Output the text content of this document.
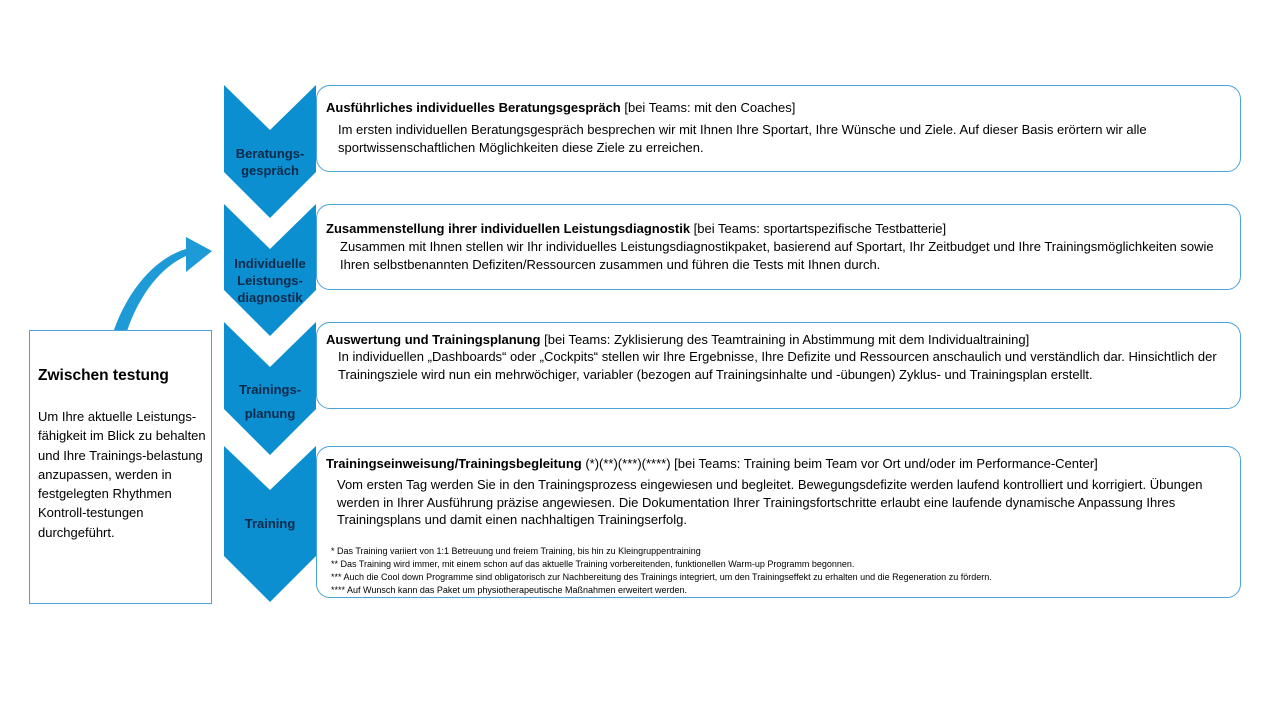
Ausführliches individuelles Beratungsgespräch [bei Teams: mit den Coaches]
Im ersten individuellen Beratungsgespräch besprechen wir mit Ihnen Ihre Sportart, Ihre Wünsche und Ziele. Auf dieser Basis erörtern wir alle sportwissenschaftlichen Möglichkeiten diese Ziele zu erreichen.
Beratungs-
gespräch
Zusammenstellung ihrer individuellen Leistungsdiagnostik [bei Teams: sportartspezifische Testbatterie]
Zusammen mit Ihnen stellen wir Ihr individuelles Leistungsdiagnostikpaket, basierend auf Sportart, Ihr Zeitbudget und Ihre Trainingsmöglichkeiten sowie Ihren selbstbenannten Defiziten/Ressourcen zusammen und führen die Tests mit Ihnen durch.
Individuelle
Leistungs-
diagnostik
Auswertung und Trainingsplanung [bei Teams: Zyklisierung des Teamtraining in Abstimmung mit dem Individualtraining]
In individuellen „Dashboards“ oder „Cockpits“ stellen wir Ihre Ergebnisse, Ihre Defizite und Ressourcen anschaulich und verständlich dar. Hinsichtlich der Trainingsziele wird nun ein mehrwöchiger, variabler (bezogen auf Trainingsinhalte und -übungen) Zyklus- und Trainingsplan erstellt.
Trainings-
planung
Trainingseinweisung/Trainingsbegleitung (*)(**)(***)(****) [bei Teams: Training beim Team vor Ort und/oder im Performance-Center]
Vom ersten Tag werden Sie in den Trainingsprozess eingewiesen und begleitet. Bewegungsdefizite werden laufend kontrolliert und korrigiert. Übungen werden in Ihrer Ausführung präzise angewiesen. Die Dokumentation Ihrer Trainingsfortschritte erlaubt eine laufende dynamische Anpassung Ihres Trainingsplans und damit einen nachhaltigen Trainingserfolg.
Training
* Das Training variiert von 1:1 Betreuung und freiem Training, bis hin zu Kleingruppentraining
** Das Training wird immer, mit einem schon auf das aktuelle Training vorbereitenden, funktionellen Warm-up Programm begonnen.
*** Auch die Cool down Programme sind obligatorisch zur Nachbereitung des Trainings integriert, um den Trainingseffekt zu erhalten und die Regeneration zu fördern.
**** Auf Wunsch kann das Paket um physiotherapeutische Maßnahmen erweitert werden.
Zwischen testung
Um Ihre aktuelle Leistungs-fähigkeit im Blick zu behalten und Ihre Trainings-belastung anzupassen, werden in festgelegten Rhythmen Kontroll-testungen durchgeführt.
